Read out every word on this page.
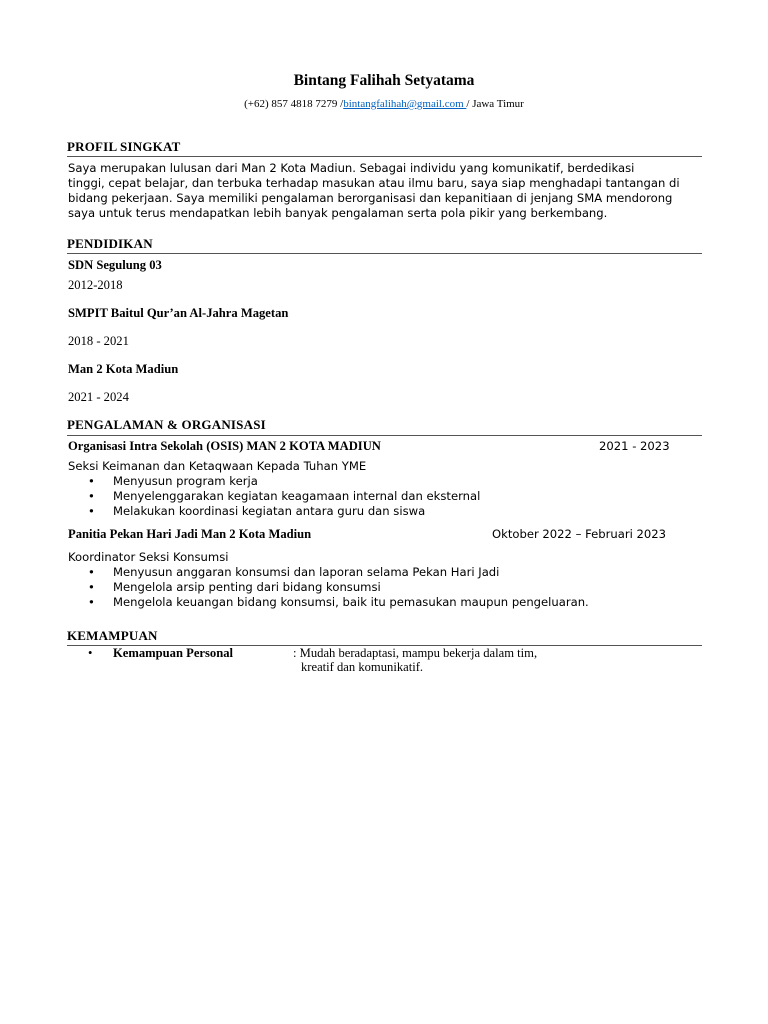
Bintang Falihah Setyatama
(+62) 857 4818 7279 /bintangfalihah@gmail.com / Jawa Timur
PROFIL SINGKAT
Saya merupakan lulusan dari Man 2 Kota Madiun. Sebagai individu yang komunikatif, berdedikasi
tinggi, cepat belajar, dan terbuka terhadap masukan atau ilmu baru, saya siap menghadapi tantangan di
bidang pekerjaan. Saya memiliki pengalaman berorganisasi dan kepanitiaan di jenjang SMA mendorong
saya untuk terus mendapatkan lebih banyak pengalaman serta pola pikir yang berkembang.
PENDIDIKAN
SDN Segulung 03
2012-2018
SMPIT Baitul Qur’an Al-Jahra Magetan
2018 - 2021
Man 2 Kota Madiun
2021 - 2024
PENGALAMAN & ORGANISASI
Organisasi Intra Sekolah (OSIS) MAN 2 KOTA MADIUN	2021 - 2023
Seksi Keimanan dan Ketaqwaan Kepada Tuhan YME
• Menyusun program kerja
• Menyelenggarakan kegiatan keagamaan internal dan eksternal
• Melakukan koordinasi kegiatan antara guru dan siswa
Panitia Pekan Hari Jadi Man 2 Kota Madiun	Oktober 2022 – Februari 2023
Koordinator Seksi Konsumsi
• Menyusun anggaran konsumsi dan laporan selama Pekan Hari Jadi
• Mengelola arsip penting dari bidang konsumsi
• Mengelola keuangan bidang konsumsi, baik itu pemasukan maupun pengeluaran.
KEMAMPUAN
• Kemampuan Personal	: Mudah beradaptasi, mampu bekerja dalam tim,
kreatif dan komunikatif.
